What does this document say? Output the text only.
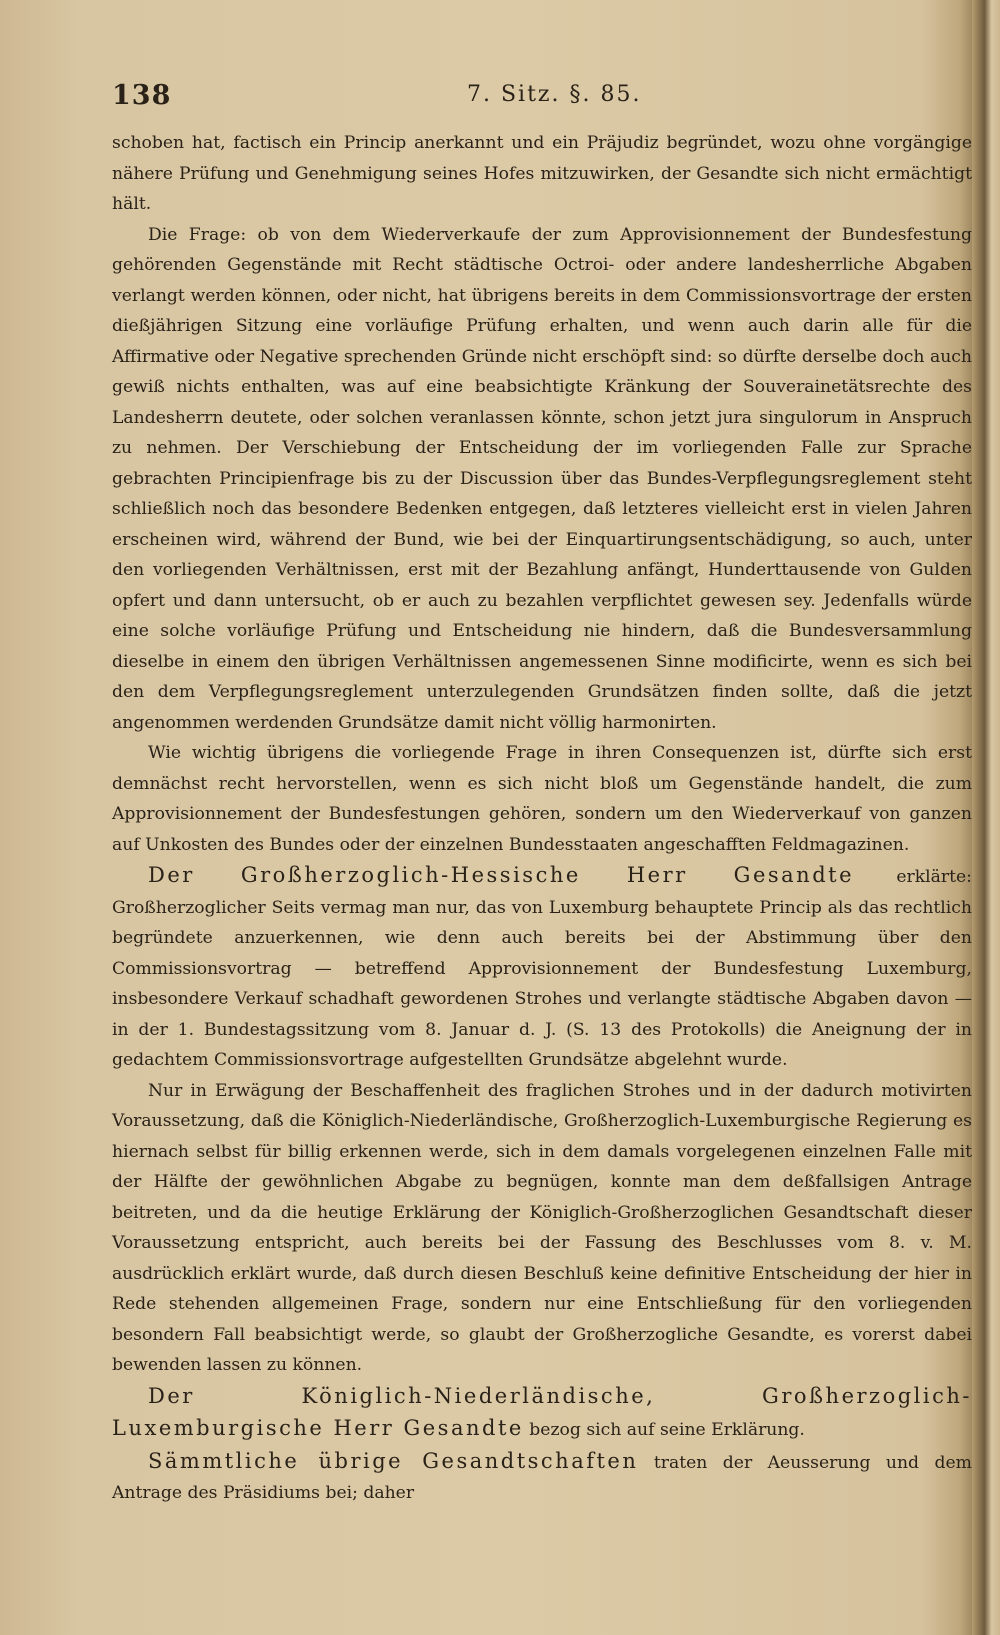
138	7. Sitz. §. 85.

schoben hat, factisch ein Princip anerkannt und ein Präjudiz begründet, wozu ohne vorgängige nähere Prüfung und Genehmigung seines Hofes mitzuwirken, der Gesandte sich nicht ermächtigt hält.

Die Frage: ob von dem Wiederverkaufe der zum Approvisionnement der Bundesfestung gehörenden Gegenstände mit Recht städtische Octroi- oder andere landesherrliche Abgaben verlangt werden können, oder nicht, hat übrigens bereits in dem Commissionsvortrage der ersten dießjährigen Sitzung eine vorläufige Prüfung erhalten, und wenn auch darin alle für die Affirmative oder Negative sprechenden Gründe nicht erschöpft sind: so dürfte derselbe doch auch gewiß nichts enthalten, was auf eine beabsichtigte Kränkung der Souverainetätsrechte des Landesherrn deutete, oder solchen veranlassen könnte, schon jetzt jura singulorum in Anspruch zu nehmen. Der Verschiebung der Entscheidung der im vorliegenden Falle zur Sprache gebrachten Principienfrage bis zu der Discussion über das Bundes-Verpflegungsreglement steht schließlich noch das besondere Bedenken entgegen, daß letzteres vielleicht erst in vielen Jahren erscheinen wird, während der Bund, wie bei der Einquartirungsentschädigung, so auch, unter den vorliegenden Verhältnissen, erst mit der Bezahlung anfängt, Hunderttausende von Gulden opfert und dann untersucht, ob er auch zu bezahlen verpflichtet gewesen sey. Jedenfalls würde eine solche vorläufige Prüfung und Entscheidung nie hindern, daß die Bundesversammlung dieselbe in einem den übrigen Verhältnissen angemessenen Sinne modificirte, wenn es sich bei den dem Verpflegungsreglement unterzulegenden Grundsätzen finden sollte, daß die jetzt angenommen werdenden Grundsätze damit nicht völlig harmonirten.

Wie wichtig übrigens die vorliegende Frage in ihren Consequenzen ist, dürfte sich erst demnächst recht hervorstellen, wenn es sich nicht bloß um Gegenstände handelt, die zum Approvisionnement der Bundesfestungen gehören, sondern um den Wiederverkauf von ganzen auf Unkosten des Bundes oder der einzelnen Bundesstaaten angeschafften Feldmagazinen.

Der Großherzoglich-Hessische Herr Gesandte erklärte: Großherzoglicher Seits vermag man nur, das von Luxemburg behauptete Princip als das rechtlich begründete anzuerkennen, wie denn auch bereits bei der Abstimmung über den Commissionsvortrag — betreffend Approvisionnement der Bundesfestung Luxemburg, insbesondere Verkauf schadhaft gewordenen Strohes und verlangte städtische Abgaben davon — in der 1. Bundestagssitzung vom 8. Januar d. J. (S. 13 des Protokolls) die Aneignung der in gedachtem Commissionsvortrage aufgestellten Grundsätze abgelehnt wurde.

Nur in Erwägung der Beschaffenheit des fraglichen Strohes und in der dadurch motivirten Voraussetzung, daß die Königlich-Niederländische, Großherzoglich-Luxemburgische Regierung es hiernach selbst für billig erkennen werde, sich in dem damals vorgelegenen einzelnen Falle mit der Hälfte der gewöhnlichen Abgabe zu begnügen, konnte man dem deßfallsigen Antrage beitreten, und da die heutige Erklärung der Königlich-Großherzoglichen Gesandtschaft dieser Voraussetzung entspricht, auch bereits bei der Fassung des Beschlusses vom 8. v. M. ausdrücklich erklärt wurde, daß durch diesen Beschluß keine definitive Entscheidung der hier in Rede stehenden allgemeinen Frage, sondern nur eine Entschließung für den vorliegenden besondern Fall beabsichtigt werde, so glaubt der Großherzogliche Gesandte, es vorerst dabei bewenden lassen zu können.

Der Königlich-Niederländische, Großherzoglich-Luxemburgische Herr Gesandte bezog sich auf seine Erklärung.

Sämmtliche übrige Gesandtschaften traten der Aeusserung und dem Antrage des Präsidiums bei; daher
